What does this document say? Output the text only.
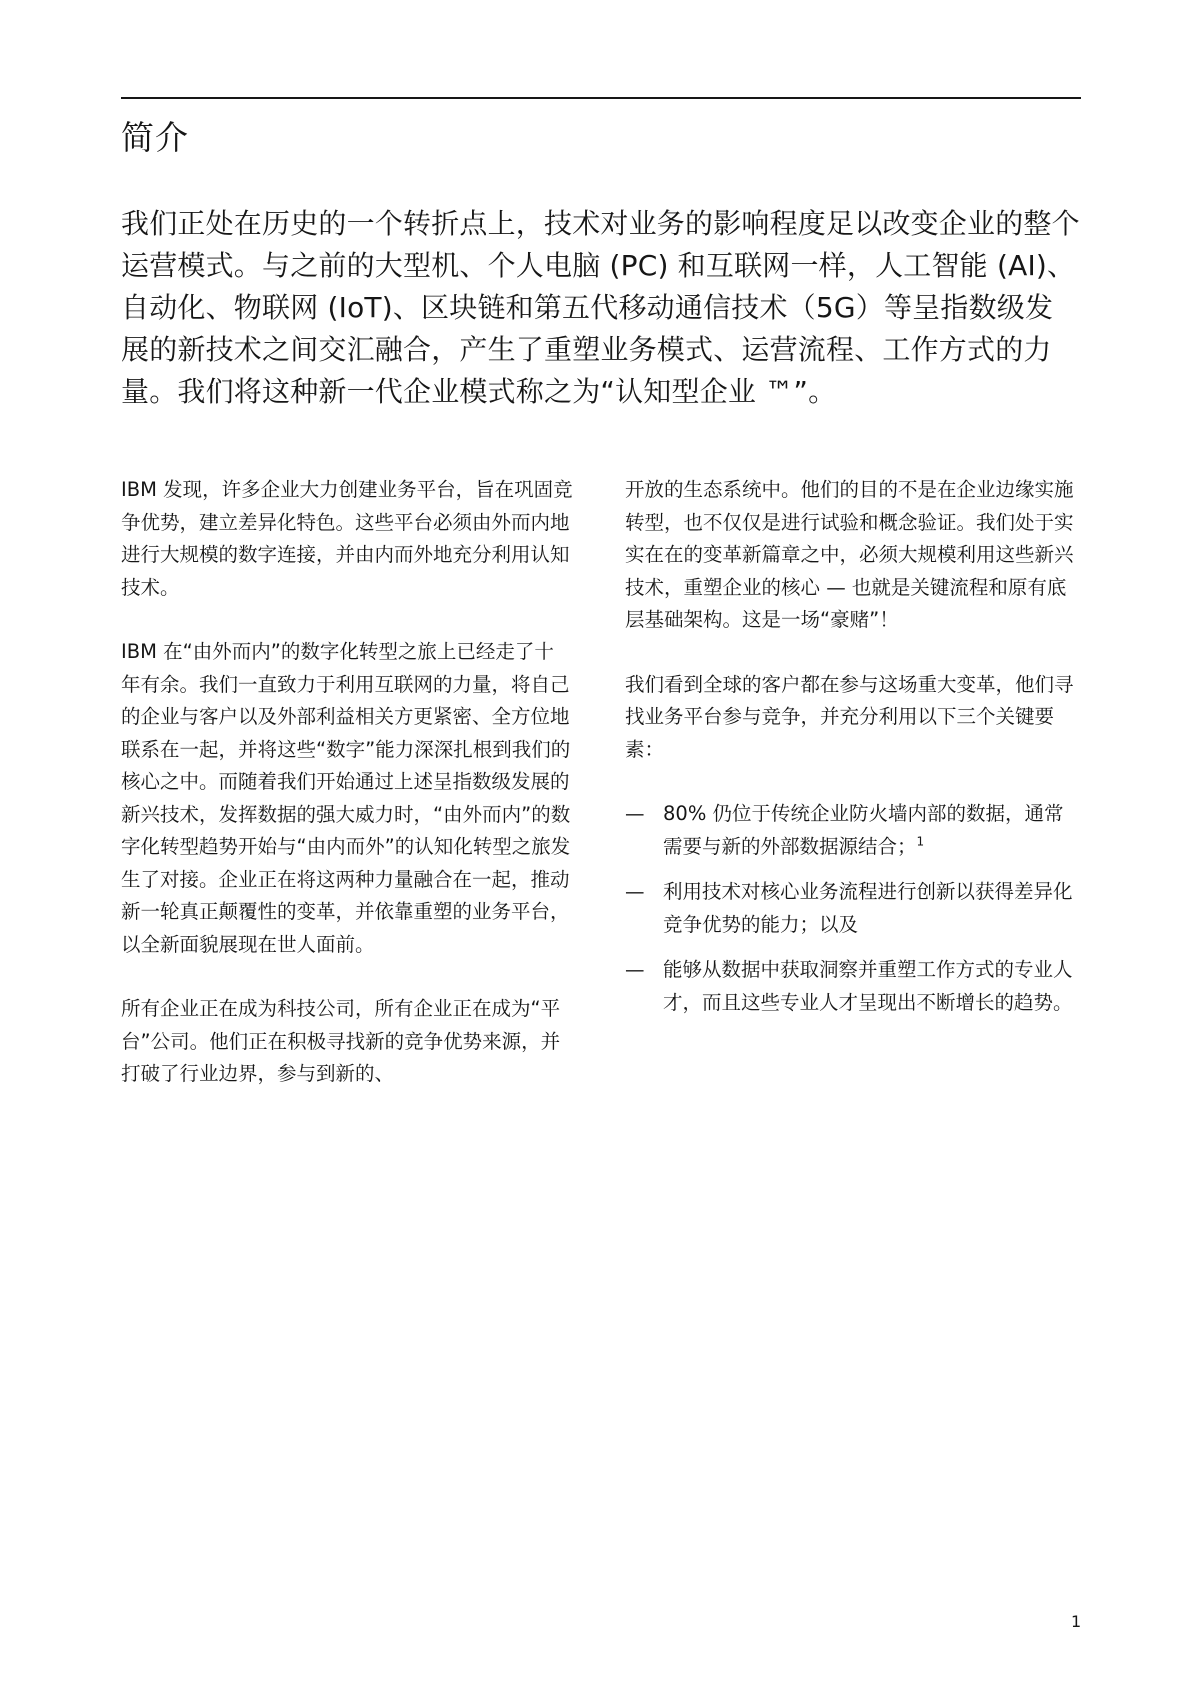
简介

我们正处在历史的一个转折点上，技术对业务的影响程度足以改变企业的整个运营模式。与之前的大型机、个人电脑 (PC) 和互联网一样，人工智能 (AI)、自动化、物联网 (IoT)、区块链和第五代移动通信技术（5G）等呈指数级发展的新技术之间交汇融合，产生了重塑业务模式、运营流程、工作方式的力量。我们将这种新一代企业模式称之为“认知型企业 ™”。

IBM 发现，许多企业大力创建业务平台，旨在巩固竞争优势，建立差异化特色。这些平台必须由外而内地进行大规模的数字连接，并由内而外地充分利用认知技术。

IBM 在“由外而内”的数字化转型之旅上已经走了十年有余。我们一直致力于利用互联网的力量，将自己的企业与客户以及外部利益相关方更紧密、全方位地联系在一起，并将这些“数字”能力深深扎根到我们的核心之中。而随着我们开始通过上述呈指数级发展的新兴技术，发挥数据的强大威力时，“由外而内”的数字化转型趋势开始与“由内而外”的认知化转型之旅发生了对接。企业正在将这两种力量融合在一起，推动新一轮真正颠覆性的变革，并依靠重塑的业务平台，以全新面貌展现在世人面前。

所有企业正在成为科技公司，所有企业正在成为“平台”公司。他们正在积极寻找新的竞争优势来源，并打破了行业边界，参与到新的、

开放的生态系统中。他们的目的不是在企业边缘实施转型，也不仅仅是进行试验和概念验证。我们处于实实在在的变革新篇章之中，必须大规模利用这些新兴技术，重塑企业的核心 — 也就是关键流程和原有底层基础架构。这是一场“豪赌”！

我们看到全球的客户都在参与这场重大变革，他们寻找业务平台参与竞争，并充分利用以下三个关键要素：

— 80% 仍位于传统企业防火墙内部的数据，通常需要与新的外部数据源结合；$^1$
— 利用技术对核心业务流程进行创新以获得差异化竞争优势的能力；以及
— 能够从数据中获取洞察并重塑工作方式的专业人才，而且这些专业人才呈现出不断增长的趋势。
1
